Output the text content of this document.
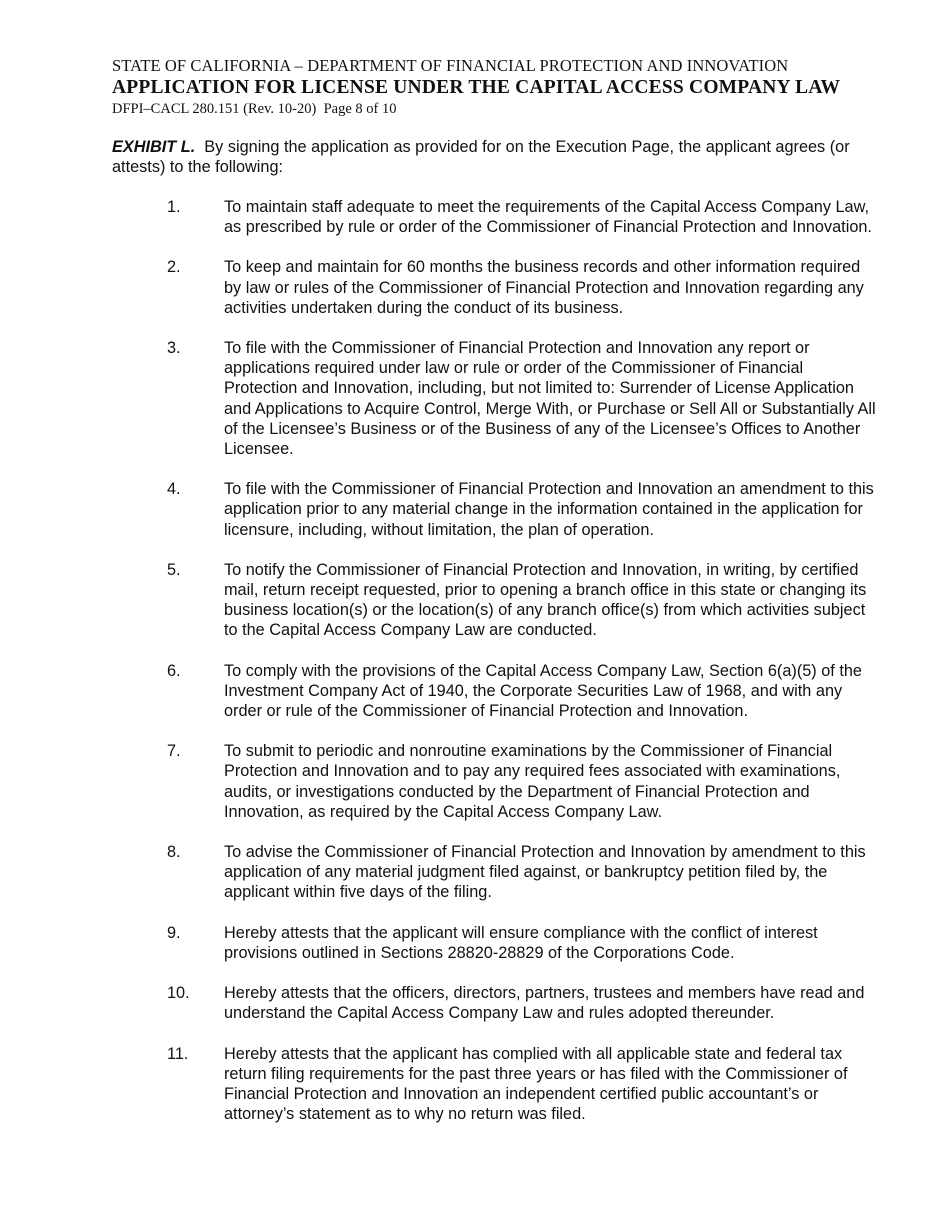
STATE OF CALIFORNIA – DEPARTMENT OF FINANCIAL PROTECTION AND INNOVATION
APPLICATION FOR LICENSE UNDER THE CAPITAL ACCESS COMPANY LAW
DFPI–CACL 280.151 (Rev. 10-20) Page 8 of 10
EXHIBIT L. By signing the application as provided for on the Execution Page, the applicant agrees (or attests) to the following:
1.	To maintain staff adequate to meet the requirements of the Capital Access Company Law, as prescribed by rule or order of the Commissioner of Financial Protection and Innovation.
2.	To keep and maintain for 60 months the business records and other information required by law or rules of the Commissioner of Financial Protection and Innovation regarding any activities undertaken during the conduct of its business.
3.	To file with the Commissioner of Financial Protection and Innovation any report or applications required under law or rule or order of the Commissioner of Financial Protection and Innovation, including, but not limited to: Surrender of License Application and Applications to Acquire Control, Merge With, or Purchase or Sell All or Substantially All of the Licensee’s Business or of the Business of any of the Licensee’s Offices to Another Licensee.
4.	To file with the Commissioner of Financial Protection and Innovation an amendment to this application prior to any material change in the information contained in the application for licensure, including, without limitation, the plan of operation.
5.	To notify the Commissioner of Financial Protection and Innovation, in writing, by certified mail, return receipt requested, prior to opening a branch office in this state or changing its business location(s) or the location(s) of any branch office(s) from which activities subject to the Capital Access Company Law are conducted.
6.	To comply with the provisions of the Capital Access Company Law, Section 6(a)(5) of the Investment Company Act of 1940, the Corporate Securities Law of 1968, and with any order or rule of the Commissioner of Financial Protection and Innovation.
7.	To submit to periodic and nonroutine examinations by the Commissioner of Financial Protection and Innovation and to pay any required fees associated with examinations, audits, or investigations conducted by the Department of Financial Protection and Innovation, as required by the Capital Access Company Law.
8.	To advise the Commissioner of Financial Protection and Innovation by amendment to this application of any material judgment filed against, or bankruptcy petition filed by, the applicant within five days of the filing.
9.	Hereby attests that the applicant will ensure compliance with the conflict of interest provisions outlined in Sections 28820-28829 of the Corporations Code.
10.	Hereby attests that the officers, directors, partners, trustees and members have read and understand the Capital Access Company Law and rules adopted thereunder.
11.	Hereby attests that the applicant has complied with all applicable state and federal tax return filing requirements for the past three years or has filed with the Commissioner of Financial Protection and Innovation an independent certified public accountant’s or attorney’s statement as to why no return was filed.
